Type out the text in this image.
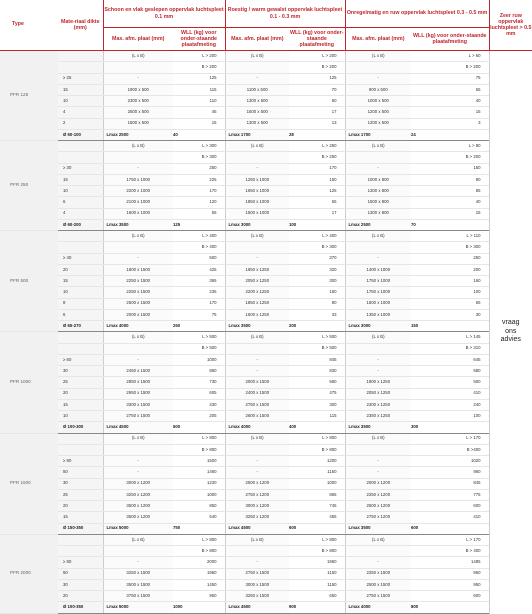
Type	Mate-riaal dikte (mm)	Schoon en vlak geslepen oppervlak luchtspleet 0.1 mm		Roestig / warm gewalst oppervlak luchtspleet 0.1 - 0.3 mm		Onregelmatig en ruw oppervlak luchtspleet 0.3 - 0.5 mm		Zeer ruw oppervlak luchtspleet > 0.5 mm
		Max. afm. plaat (mm)	WLL (kg) voor onder-staande plaatafmeting	Max. afm. plaat (mm)	WLL (kg) voor onder-staande plaatafmeting	Max. afm. plaat (mm)	WLL (kg) voor onder-staande plaatafmeting	
PFR 125		(L x B)	L > 200	(L x B)	L > 200	(L x B)	L > 60	vraag ons advies
			B > 200		B > 200		B > 200	
	≥ 25	-	125	-	125	-	75	
	15	1900 x 500	115	1100 x 500	70	900 x 500	65	
	10	2300 x 500	110	1300 x 500	60	1000 x 500	40	
	4	2500 x 500	45	1500 x 500	17	1200 x 500	15	
	2	1500 x 500	15	1300 x 500	13	1200 x 500	3	
	Ø 50-100	Lmax 2500	40	Lmax 1700	28	Lmax 1700	24	
PFR 250		(L x B)	L > 300	(L x B)	L > 250	(L x B)	L > 80	
			B > 300		B > 250		B > 200	
	≥ 30	-	250	-	170	-	150	
	15	1750 x 1000	225	1250 x 1000	150	1000 x 800	90	
	10	2200 x 1000	170	1650 x 1000	125	1300 x 800	85	
	6	2100 x 1000	120	1850 x 1000	65	1500 x 800	40	
	4	1600 x 1000	55	1500 x 1000	17	1300 x 800	15	
	Ø 60-200	Lmax 3500	125	Lmax 3000	100	Lmax 2500	70	
PFR 500		(L x B)	L > 400	(L x B)	L > 400	(L x B)	L > 110	
			B > 400		B > 300		B > 300	
	≥ 40	-	500	-	370	-	250	
	20	1800 x 1500	425	1650 x 1250	320	1400 x 1000	200	
	15	2250 x 1500	365	2050 x 1250	300	1750 x 1000	160	
	10	2250 x 1500	235	2200 x 1250	160	1750 x 1000	100	
	8	2500 x 1500	170	1850 x 1250	80	1500 x 1000	65	
	6	2000 x 1500	75	1600 x 1250	33	1350 x 1000	30	
	Ø 65-270	Lmax 4000	250	Lmax 3500	200	Lmax 3000	150	
PFR 1000		(L x B)	L > 500	(L x B)	L > 500	(L x B)	L > 145	
			B > 500		B > 500		B > 310	
	≥ 60	-	1000	-	845	-	645	
	30	2450 x 1500	860	-	830	-	580	
	25	2850 x 1500	730	2000 x 1500	580	1900 x 1250	500	
	20	2950 x 1500	605	2400 x 1500	475	2050 x 1250	410	
	15	3300 x 1500	430	2750 x 1500	300	2300 x 1250	240	
	10	2750 x 1500	205	2600 x 1500	115	2350 x 1250	100	
	Ø 100-300	Lmax 4500	500	Lmax 4000	400	Lmax 3500	300	
PFR 1500		(L x B)	L > 800	(L x B)	L > 800	(L x B)	L > 170	
			B > 800		B > 800		B >400	
	≥ 80	-	1500	-	1200	-	1020	
	50	-	1460	-	1150	-	960	
	30	3000 x 1200	1230	2500 x 1200	1000	2000 x 1200	845	
	25	3250 x 1200	1000	2750 x 1200	865	2250 x 1200	775	
	20	3500 x 1200	850	3000 x 1200	745	2500 x 1200	600	
	15	3500 x 1200	540	3250 x 1200	455	2750 x 1200	410	
	Ø 150-350	Lmax 5000	750	Lmax 4500	600	Lmax 3500	600	
PFR 2000		(L x B)	L > 800	(L x B)	L > 800	(L x B)	L > 170	
			B > 800		B > 800		B > 400	
	≥ 80	-	2000	-	1950	-	1485	
	50	3250 x 1500	1950	2750 x 1500	1150	2250 x 1500	960	
	30	3500 x 1500	1450	3000 x 1500	1150	2500 x 1500	950	
	20	3750 x 1500	950	3250 x 1500	650	2750 x 1500	600	
	Ø 100-350	Lmax 5000	1000	Lmax 4500	900	Lmax 4000	800	
